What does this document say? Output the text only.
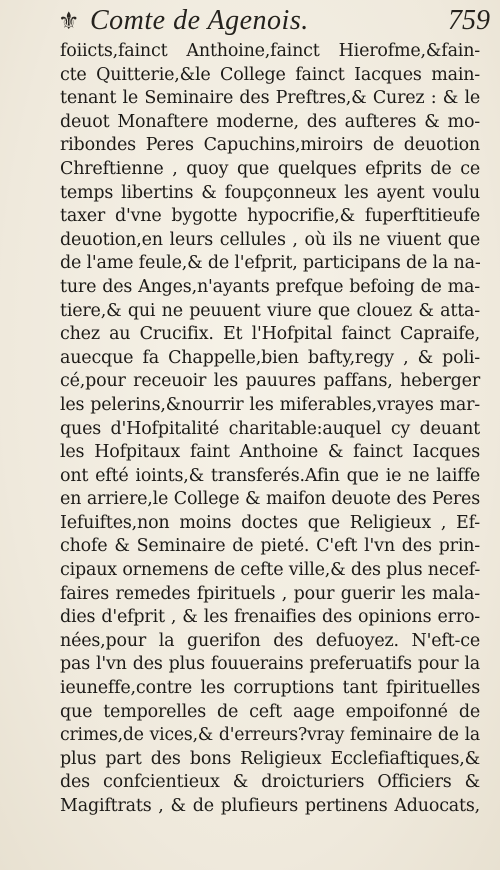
⚜ Comte de Agenois.	759
foiicts,fainct Anthoine,fainct Hierofme,&fain-
cte Quitterie,&le College fainct Iacques main-
tenant le Seminaire des Preftres,& Curez : & le
deuot Monaftere moderne, des aufteres & mo-
ribondes Peres Capuchins,miroirs de deuotion
Chreftienne , quoy que quelques efprits de ce
temps libertins & foupçonneux les ayent voulu
taxer d'vne bygotte hypocrifie,& fuperftitieufe
deuotion,en leurs cellules , où ils ne viuent que
de l'ame feule,& de l'efprit, participans de la na-
ture des Anges,n'ayants prefque befoing de ma-
tiere,& qui ne peuuent viure que clouez & atta-
chez au Crucifix. Et l'Hofpital fainct Capraife,
auecque fa Chappelle,bien bafty,regy , & poli-
cé,pour receuoir les pauures paffans, heberger
les pelerins,&nourrir les miferables,vrayes mar-
ques d'Hofpitalité charitable:auquel cy deuant
les Hofpitaux faint Anthoine & fainct Iacques
ont efté ioints,& transferés.Afin que ie ne laiffe
en arriere,le College & maifon deuote des Peres
Iefuiftes,non moins doctes que Religieux , Ef-
chofe & Seminaire de pieté. C'eft l'vn des prin-
cipaux ornemens de cefte ville,& des plus necef-
faires remedes fpirituels , pour guerir les mala-
dies d'efprit , & les frenaifies des opinions erro-
nées,pour la guerifon des defuoyez. N'eft-ce
pas l'vn des plus fouuerains preferuatifs pour la
ieuneffe,contre les corruptions tant fpirituelles
que temporelles de ceft aage empoifonné de
crimes,de vices,& d'erreurs?vray feminaire de la
plus part des bons Religieux Ecclefiaftiques,&
des confcientieux & droicturiers Officiers &
Magiftrats , & de plufieurs pertinens Aduocats,
